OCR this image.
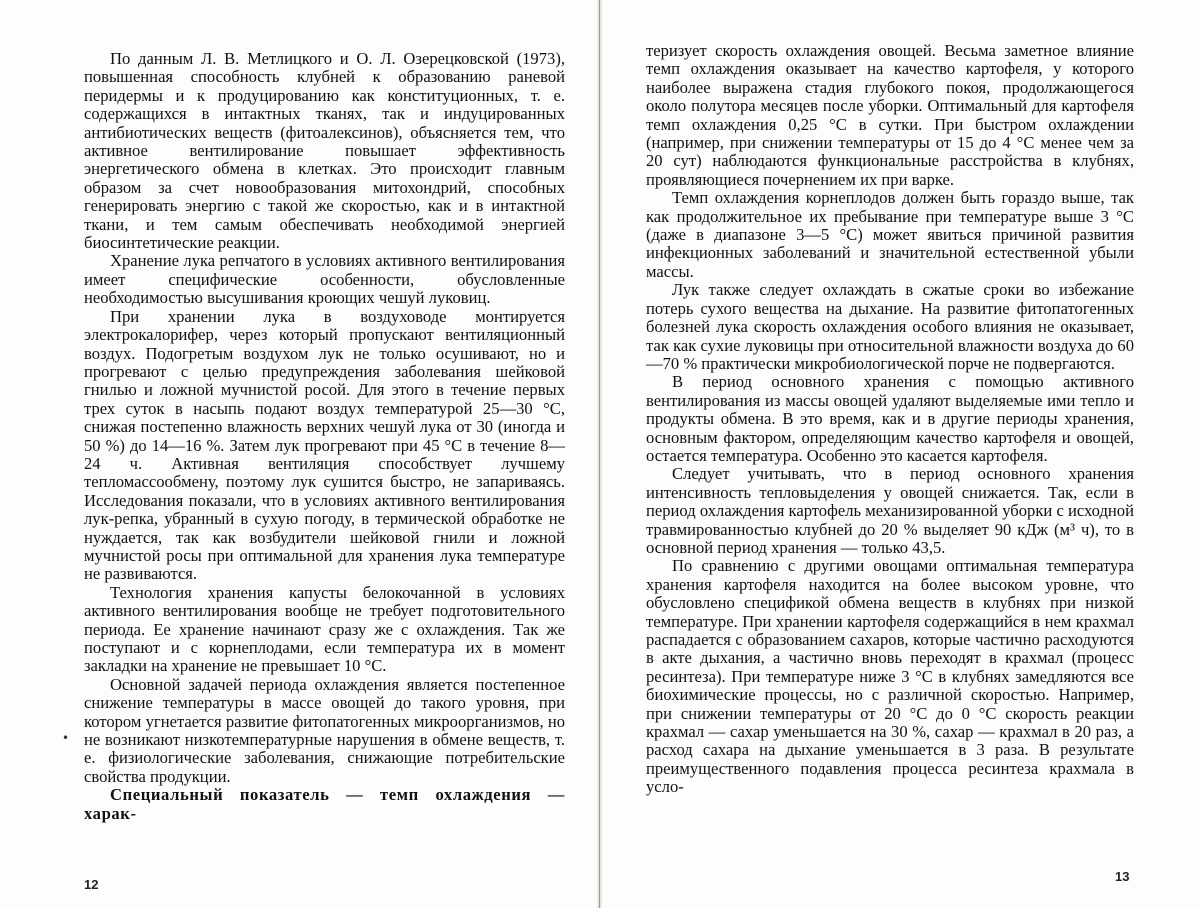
По данным Л. В. Метлицкого и О. Л. Озерецковской (1973), повышенная способность клубней к образованию раневой перидермы и к продуцированию как конституционных, т. е. содержащихся в интактных тканях, так и индуцированных антибиотических веществ (фитоалексинов), объясняется тем, что активное вентилирование повышает эффективность энергетического обмена в клетках. Это происходит главным образом за счет новообразования митохондрий, способных генерировать энергию с такой же скоростью, как и в интактной ткани, и тем самым обеспечивать необходимой энергией биосинтетические реакции.

Хранение лука репчатого в условиях активного вентилирования имеет специфические особенности, обусловленные необходимостью высушивания кроющих чешуй луковиц.

При хранении лука в воздуховоде монтируется электрокалорифер, через который пропускают вентиляционный воздух. Подогретым воздухом лук не только осушивают, но и прогревают с целью предупреждения заболевания шейковой гнилью и ложной мучнистой росой. Для этого в течение первых трех суток в насыпь подают воздух температурой 25—30 °С, снижая постепенно влажность верхних чешуй лука от 30 (иногда и 50 %) до 14—16 %. Затем лук прогревают при 45 °С в течение 8—24 ч. Активная вентиляция способствует лучшему тепломассообмену, поэтому лук сушится быстро, не запариваясь. Исследования показали, что в условиях активного вентилирования лук-репка, убранный в сухую погоду, в термической обработке не нуждается, так как возбудители шейковой гнили и ложной мучнистой росы при оптимальной для хранения лука температуре не развиваются.

Технология хранения капусты белокочанной в условиях активного вентилирования вообще не требует подготовительного периода. Ее хранение начинают сразу же с охлаждения. Так же поступают и с корнеплодами, если температура их в момент закладки на хранение не превышает 10 °С.

Основной задачей периода охлаждения является постепенное снижение температуры в массе овощей до такого уровня, при котором угнетается развитие фитопатогенных микроорганизмов, но не возникают низкотемпературные нарушения в обмене веществ, т. е. физиологические заболевания, снижающие потребительские свойства продукции.

Специальный показатель — темп охлаждения — харак-

•
12

теризует скорость охлаждения овощей. Весьма заметное влияние темп охлаждения оказывает на качество картофеля, у которого наиболее выражена стадия глубокого покоя, продолжающегося около полутора месяцев после уборки. Оптимальный для картофеля темп охлаждения 0,25 °С в сутки. При быстром охлаждении (например, при снижении температуры от 15 до 4 °С менее чем за 20 сут) наблюдаются функциональные расстройства в клубнях, проявляющиеся почернением их при варке.

Темп охлаждения корнеплодов должен быть гораздо выше, так как продолжительное их пребывание при температуре выше 3 °С (даже в диапазоне 3—5 °С) может явиться причиной развития инфекционных заболеваний и значительной естественной убыли массы.

Лук также следует охлаждать в сжатые сроки во избежание потерь сухого вещества на дыхание. На развитие фитопатогенных болезней лука скорость охлаждения особого влияния не оказывает, так как сухие луковицы при относительной влажности воздуха до 60—70 % практически микробиологической порче не подвергаются.

В период основного хранения с помощью активного вентилирования из массы овощей удаляют выделяемые ими тепло и продукты обмена. В это время, как и в другие периоды хранения, основным фактором, определяющим качество картофеля и овощей, остается температура. Особенно это касается картофеля.

Следует учитывать, что в период основного хранения интенсивность тепловыделения у овощей снижается. Так, если в период охлаждения картофель механизированной уборки с исходной травмированностью клубней до 20 % выделяет 90 кДж (м³ ч), то в основной период хранения — только 43,5.

По сравнению с другими овощами оптимальная температура хранения картофеля находится на более высоком уровне, что обусловлено спецификой обмена веществ в клубнях при низкой температуре. При хранении картофеля содержащийся в нем крахмал распадается с образованием сахаров, которые частично расходуются в акте дыхания, а частично вновь переходят в крахмал (процесс ресинтеза). При температуре ниже 3 °С в клубнях замедляются все биохимические процессы, но с различной скоростью. Например, при снижении температуры от 20 °С до 0 °С скорость реакции крахмал — сахар уменьшается на 30 %, сахар — крахмал в 20 раз, а расход сахара на дыхание уменьшается в 3 раза. В результате преимущественного подавления процесса ресинтеза крахмала в усло-

13
